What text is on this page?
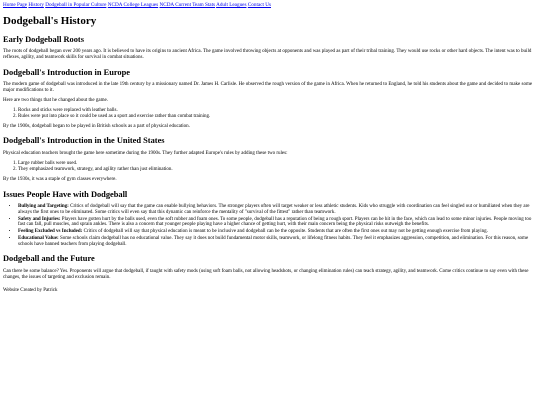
Home Page History Dodgeball in Popular Culture NCDA College Leagues NCDA Current Team Stats Adult Leagues Contact Us
Dodgeball's History
Early Dodgeball Roots

The roots of dodgeball began over 200 years ago. It is believed to have its origins to ancient Africa. The game involved throwing objects at opponents and was played as part of their tribal training. They would use rocks or other hard objects. The intent was to build reflexes, agility, and teamwork skills for survival in combat situations.

Dodgeball's Introduction in Europe

The modern game of dodgeball was introduced in the late 19th century by a missionary named Dr. James H. Carlisle. He observed the rough version of the game in Africa. When he returned to England, he told his students about the game and decided to make some major modifications to it.

Here are two things that he changed about the game.

1. Rocks and sticks were replaced with leather balls.
2. Rules were put into place so it could be used as a sport and exercise rather than combat training.

By the 1900s, dodgeball began to be played in British schools as a part of physical education.

Dodgeball's Introduction in the United States

Physical education teachers brought the game here sometime during the 1900s. They further adapted Europe's rules by adding these two rules:

1. Large rubber balls were used.
2. They emphasized teamwork, strategy, and agility rather than just elimination.

By the 1930s, it was a staple of gym classes everywhere.

Issues People Have with Dodgeball
• Bullying and Targeting: Critics of dodgeball will say that the game can enable bullying behaviors. The stronger players often will target weaker or less athletic students. Kids who struggle with coordination can feel singled out or humiliated when they are always the first ones to be eliminated. Some critics will even say that this dynamic can reinforce the mentality of "survival of the fittest" rather than teamwork.
• Safety and Injuries: Players have gotten hurt by the balls used, even the soft rubber and foam ones. To some people, dodgeball has a reputation of being a rough sport. Players can be hit in the face, which can lead to some minor injuries. People moving too fast can fall, pull muscles, and sprain ankles. There is also a concern that younger people playing have a higher chance of getting hurt, with their main concern being the physical risks outweigh the benefits.
• Feeling Excluded vs Included: Critics of dodgeball will say that physical education is meant to be inclusive and dodgeball can be the opposite. Students that are often the first ones out may not be getting enough exercise from playing.
• Educational Value: Some schools claim dodgeball has no educational value. They say it does not build fundamental motor skills, teamwork, or lifelong fitness habits. They feel it emphasizes aggression, competition, and elimination. For this reason, some schools have banned teachers from playing dodgeball.
Dodgeball and the Future

Can there be some balance? Yes. Proponents will argue that dodgeball, if taught with safety mods (using soft foam balls, not allowing headshots, or changing elimination rules) can teach strategy, agility, and teamwork. Come critics continue to say even with these changes, the issues of targeting and exclusion remain.

Website Created by Patrick
